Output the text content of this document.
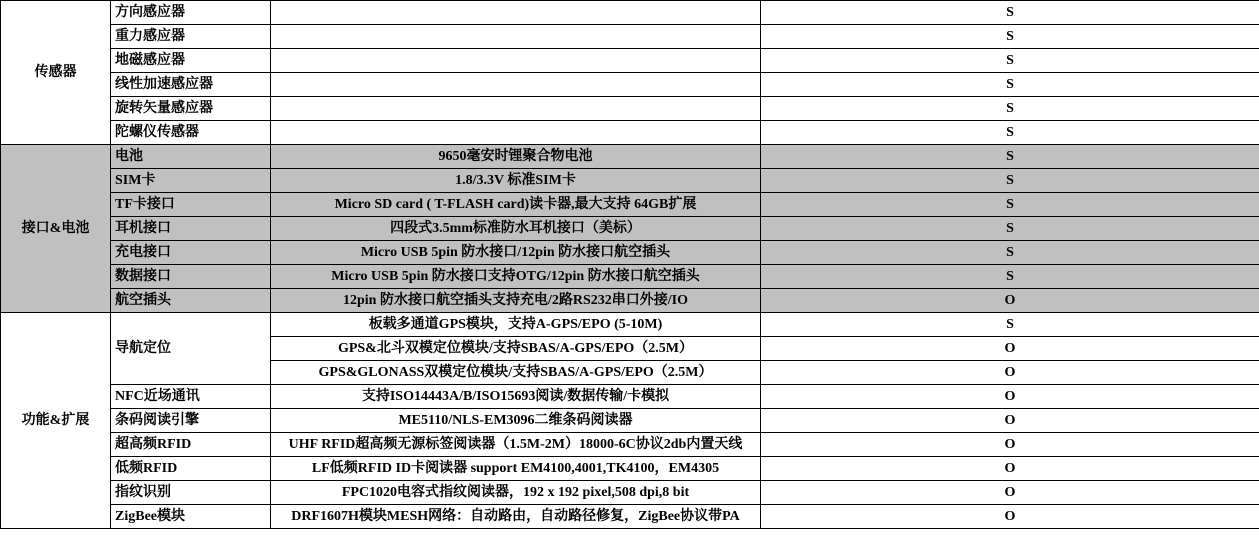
传感器	方向感应器		S
	重力感应器		S
	地磁感应器		S
	线性加速感应器		S
	旋转矢量感应器		S
	陀螺仪传感器		S
接口&电池	电池	9650毫安时锂聚合物电池	S
	SIM卡	1.8/3.3V 标准SIM卡	S
	TF卡接口	Micro SD card ( T-FLASH card)读卡器,最大支持 64GB扩展	S
	耳机接口	四段式3.5mm标准防水耳机接口（美标）	S
	充电接口	Micro USB 5pin 防水接口/12pin 防水接口航空插头	S
	数据接口	Micro USB 5pin 防水接口支持OTG/12pin 防水接口航空插头	S
	航空插头	12pin 防水接口航空插头支持充电/2路RS232串口外接/IO	O
功能&扩展	导航定位	板载多通道GPS模块，支持A-GPS/EPO (5-10M)	S
		GPS&北斗双模定位模块/支持SBAS/A-GPS/EPO（2.5M）	O
		GPS&GLONASS双模定位模块/支持SBAS/A-GPS/EPO（2.5M）	O
	NFC近场通讯	支持ISO14443A/B/ISO15693阅读/数据传输/卡模拟	O
	条码阅读引擎	ME5110/NLS-EM3096二维条码阅读器	O
	超高频RFID	UHF RFID超高频无源标签阅读器（1.5M-2M）18000-6C协议2db内置天线	O
	低频RFID	LF低频RFID ID卡阅读器 support EM4100,4001,TK4100，EM4305	O
	指纹识别	FPC1020电容式指纹阅读器，192 x 192 pixel,508 dpi,8 bit	O
	ZigBee模块	DRF1607H模块MESH网络：自动路由，自动路径修复，ZigBee协议带PA	O
